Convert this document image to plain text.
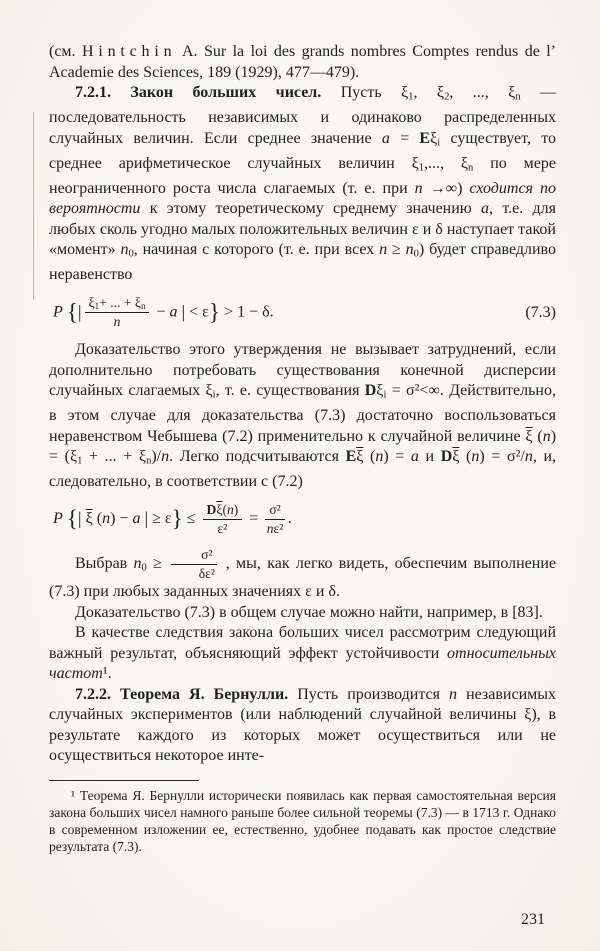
(см. Hintchin A. Sur la loi des grands nombres Comptes rendus de l’ Academie des Sciences, 189 (1929), 477—479).

7.2.1. Закон больших чисел. Пусть ξ1, ξ2, ..., ξn — последовательность независимых и одинаково распределенных случайных величин. Если среднее значение a = Eξi существует, то среднее арифметическое случайных величин ξ1,..., ξn по мере неограниченного роста числа слагаемых (т. е. при n →∞) сходится по вероятности к этому теоретическому среднему значению a, т.е. для любых сколь угодно малых положительных величин ε и δ наступает такой «момент» n0, начиная с которого (т. е. при всех n ≥ n0) будет справедливо неравенство

P {| $\frac{\xi 1+ ... + \xi n}{n} - a$ | < ε} > 1 − δ.	(7.3)

Доказательство этого утверждения не вызывает затруднений, если дополнительно потребовать существования конечной дисперсии случайных слагаемых ξi, т. е. существования Dξi = σ²<∞. Действительно, в этом случае для доказательства (7.3) достаточно воспользоваться неравенством Чебышева (7.2) применительно к случайной величине $\overline{\xi}$ (n) = (ξ1 + ... + ξn)/n. Легко подсчитываются $E\overline{\xi}$ (n) = a и $D\overline{\xi}$ (n) = σ²/n, и, следовательно, в соответствии с (7.2)

P {| $\overline{\xi}$ (n) − a | ≥ $\varepsilon\} \le \frac{D\overline{\xi}(n)}{\text{ε²}} = \frac{\text{σ²}}{\text{nε²}}$ .

Выбрав $n0 \ge \frac{\text{σ²}}{\text{δε²}}$ , мы, как легко видеть, обеспечим выполнение (7.3) при любых заданных значениях ε и δ.

Доказательство (7.3) в общем случае можно найти, например, в [83].

В качестве следствия закона больших чисел рассмотрим следующий важный результат, объясняющий эффект устойчивости относительных частот¹.

7.2.2. Теорема Я. Бернулли. Пусть производится n независимых случайных экспериментов (или наблюдений случайной величины ξ), в результате каждого из которых может осуществиться или не осуществиться некоторое инте-

¹ Теорема Я. Бернулли исторически появилась как первая самостоятельная версия закона больших чисел намного раньше более сильной теоремы (7.3) — в 1713 г. Однако в современном изложении ее, естественно, удобнее подавать как простое следствие результата (7.3).

231
